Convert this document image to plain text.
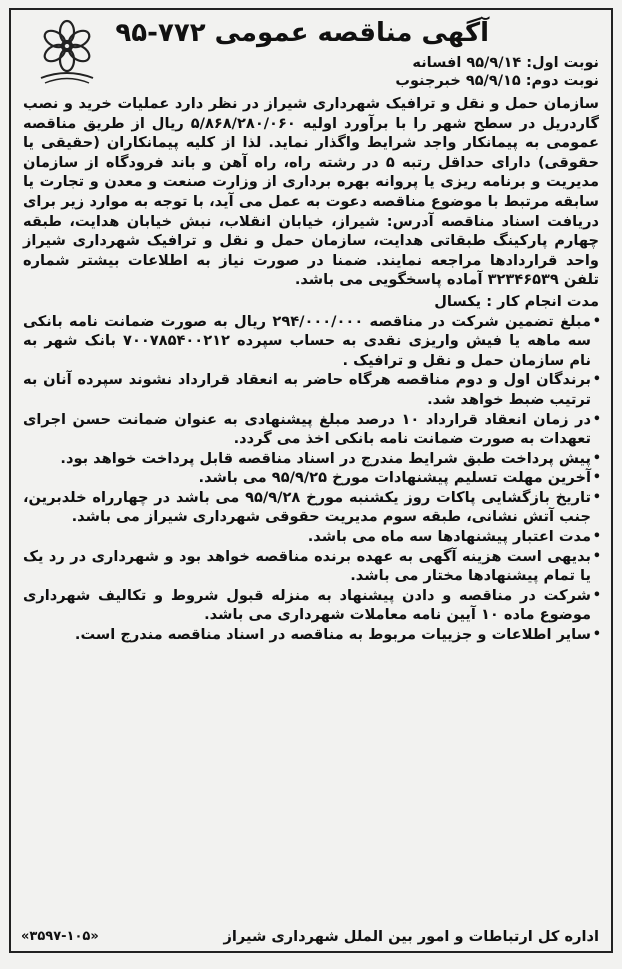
آگهی مناقصه عمومی ۷۷۲-۹۵
نوبت اول: ۹۵/۹/۱۴ افسانه
نوبت دوم: ۹۵/۹/۱۵ خبرجنوب
سازمان حمل و نقل و ترافیک شهرداری شیراز در نظر دارد عملیات خرید و نصب گاردریل در سطح شهر را با برآورد اولیه ۵/۸۶۸/۲۸۰/۰۶۰ ریال از طریق مناقصه عمومی به پیمانکار واجد شرایط واگذار نماید. لذا از کلیه پیمانکاران (حقیقی یا حقوقی) دارای حداقل رتبه ۵ در رشته راه، راه آهن و باند فرودگاه از سازمان مدیریت و برنامه ریزی یا پروانه بهره برداری از وزارت صنعت و معدن و تجارت یا سابقه مرتبط با موضوع مناقصه دعوت به عمل می آید، با توجه به موارد زیر برای دریافت اسناد مناقصه آدرس: شیراز، خیابان انقلاب، نبش خیابان هدایت، طبقه چهارم پارکینگ طبقاتی هدایت، سازمان حمل و نقل و ترافیک شهرداری شیراز واحد قراردادها مراجعه نمایند. ضمنا در صورت نیاز به اطلاعات بیشتر شماره تلفن ۳۲۳۴۶۵۳۹ آماده پاسخگویی می باشد.
مدت انجام کار : یکسال
• مبلغ تضمین شرکت در مناقصه ۲۹۴/۰۰۰/۰۰۰ ریال به صورت ضمانت نامه بانکی سه ماهه یا فیش واریزی نقدی به حساب سپرده ۷۰۰۷۸۵۴۰۰۲۱۲ بانک شهر به نام سازمان حمل و نقل و ترافیک .
• برندگان اول و دوم مناقصه هرگاه حاضر به انعقاد قرارداد نشوند سپرده آنان به ترتیب ضبط خواهد شد.
• در زمان انعقاد قرارداد ۱۰ درصد مبلغ پیشنهادی به عنوان ضمانت حسن اجرای تعهدات به صورت ضمانت نامه بانکی اخذ می گردد.
• پیش پرداخت طبق شرایط مندرج در اسناد مناقصه قابل پرداخت خواهد بود.
• آخرین مهلت تسلیم پیشنهادات مورخ ۹۵/۹/۲۵ می باشد.
• تاریخ بازگشایی پاکات روز یکشنبه مورخ ۹۵/۹/۲۸ می باشد در چهارراه خلدبرین، جنب آتش نشانی، طبقه سوم مدیریت حقوقی شهرداری شیراز می باشد.
• مدت اعتبار پیشنهادها سه ماه می باشد.
• بدیهی است هزینه آگهی به عهده برنده مناقصه خواهد بود و شهرداری در رد یک یا تمام پیشنهادها مختار می باشد.
• شرکت در مناقصه و دادن پیشنهاد به منزله قبول شروط و تکالیف شهرداری موضوع ماده ۱۰ آیین نامه معاملات شهرداری می باشد.
• سایر اطلاعات و جزییات مربوط به مناقصه در اسناد مناقصه مندرج است.
اداره کل ارتباطات و امور بین الملل شهرداری شیراز
«۳۵۹۷-۱۰۵»
